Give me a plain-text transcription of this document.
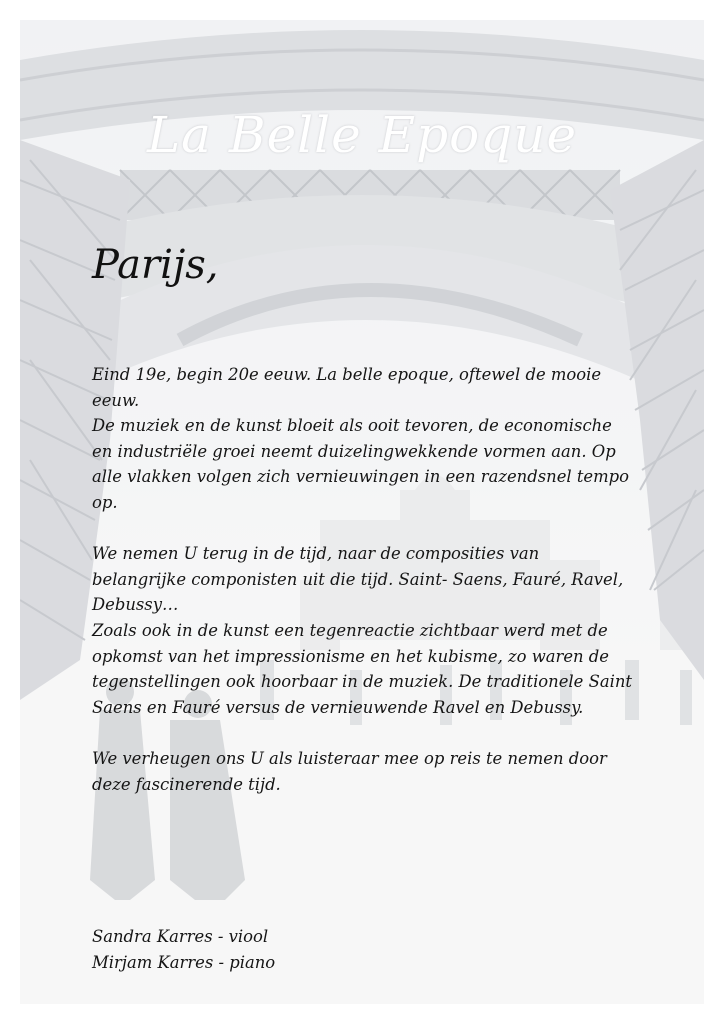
La Belle Epoque
Parijs,

Eind 19e, begin 20e eeuw. La belle epoque, oftewel de mooie eeuw.
De muziek en de kunst bloeit als ooit tevoren, de economische en industriële groei neemt duizelingwekkende vormen aan. Op alle vlakken volgen zich vernieuwingen in een razendsnel tempo op.

We nemen U terug in de tijd, naar de composities van belangrijke componisten uit die tijd. Saint- Saens, Fauré, Ravel, Debussy…
Zoals ook in de kunst een tegenreactie zichtbaar werd met de opkomst van het impressionisme en het kubisme, zo waren de tegenstellingen ook hoorbaar in de muziek. De traditionele Saint Saens en Fauré versus de vernieuwende Ravel en Debussy.

We verheugen ons U als luisteraar mee op reis te nemen door deze fascinerende tijd.

Sandra Karres - viool
Mirjam Karres - piano
